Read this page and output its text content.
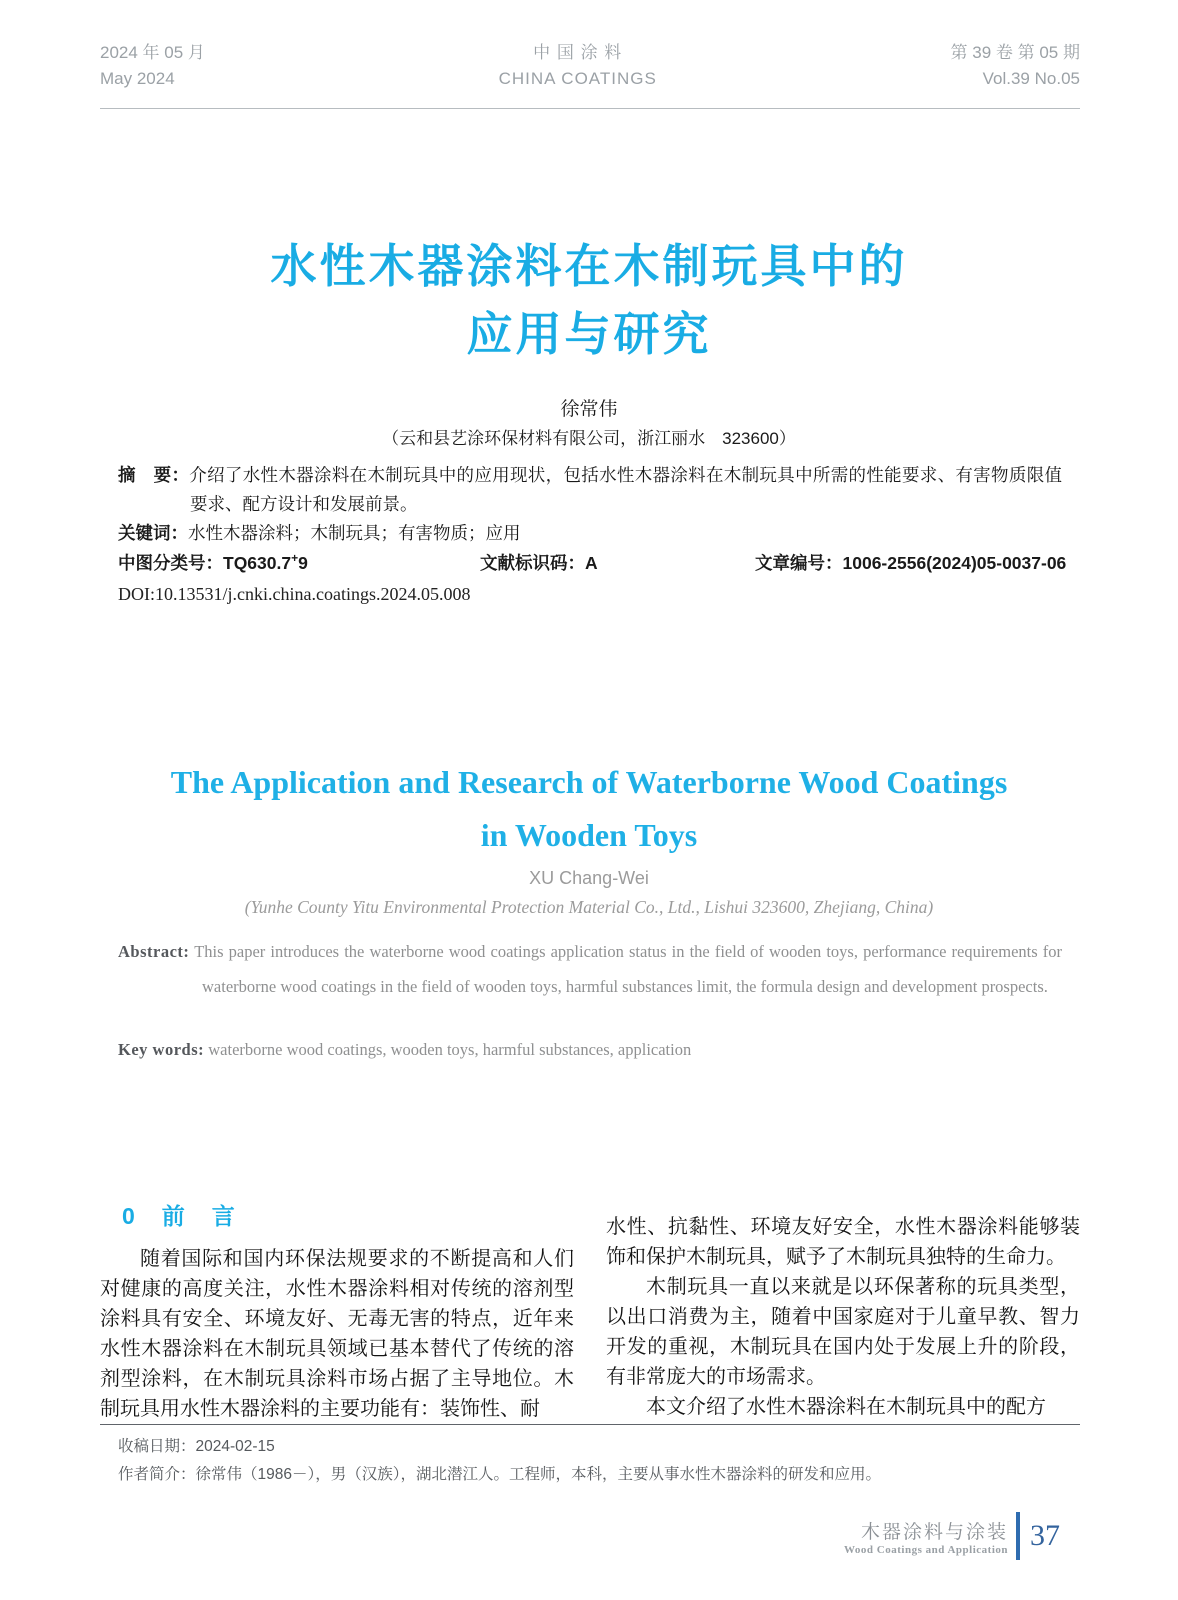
2024 年 05 月
May 2024
中 国 涂 料
CHINA COATINGS
第 39 卷 第 05 期
Vol.39 No.05
水性木器涂料在木制玩具中的
应用与研究
徐常伟
（云和县艺涂环保材料有限公司，浙江丽水　323600）
摘　要：介绍了水性木器涂料在木制玩具中的应用现状，包括水性木器涂料在木制玩具中所需的性能要求、有害物质限值要求、配方设计和发展前景。
关键词：水性木器涂料；木制玩具；有害物质；应用
中图分类号：TQ630.7+9	文献标识码：A	文章编号：1006-2556(2024)05-0037-06
DOI:10.13531/j.cnki.china.coatings.2024.05.008
The Application and Research of Waterborne Wood Coatings
in Wooden Toys
XU Chang-Wei
(Yunhe County Yitu Environmental Protection Material Co., Ltd., Lishui 323600, Zhejiang, China)
Abstract: This paper introduces the waterborne wood coatings application status in the field of wooden toys, performance requirements for waterborne wood coatings in the field of wooden toys, harmful substances limit, the formula design and development prospects.
Key words: waterborne wood coatings, wooden toys, harmful substances, application
0　前　言

随着国际和国内环保法规要求的不断提高和人们对健康的高度关注，水性木器涂料相对传统的溶剂型涂料具有安全、环境友好、无毒无害的特点，近年来水性木器涂料在木制玩具领域已基本替代了传统的溶剂型涂料，在木制玩具涂料市场占据了主导地位。木制玩具用水性木器涂料的主要功能有：装饰性、耐

水性、抗黏性、环境友好安全，水性木器涂料能够装饰和保护木制玩具，赋予了木制玩具独特的生命力。

木制玩具一直以来就是以环保著称的玩具类型，以出口消费为主，随着中国家庭对于儿童早教、智力开发的重视，木制玩具在国内处于发展上升的阶段，有非常庞大的市场需求。

本文介绍了水性木器涂料在木制玩具中的配方

收稿日期：2024-02-15
作者简介：徐常伟（1986－），男（汉族），湖北潜江人。工程师，本科，主要从事水性木器涂料的研发和应用。
木器涂料与涂装
Wood Coatings and Application 37
